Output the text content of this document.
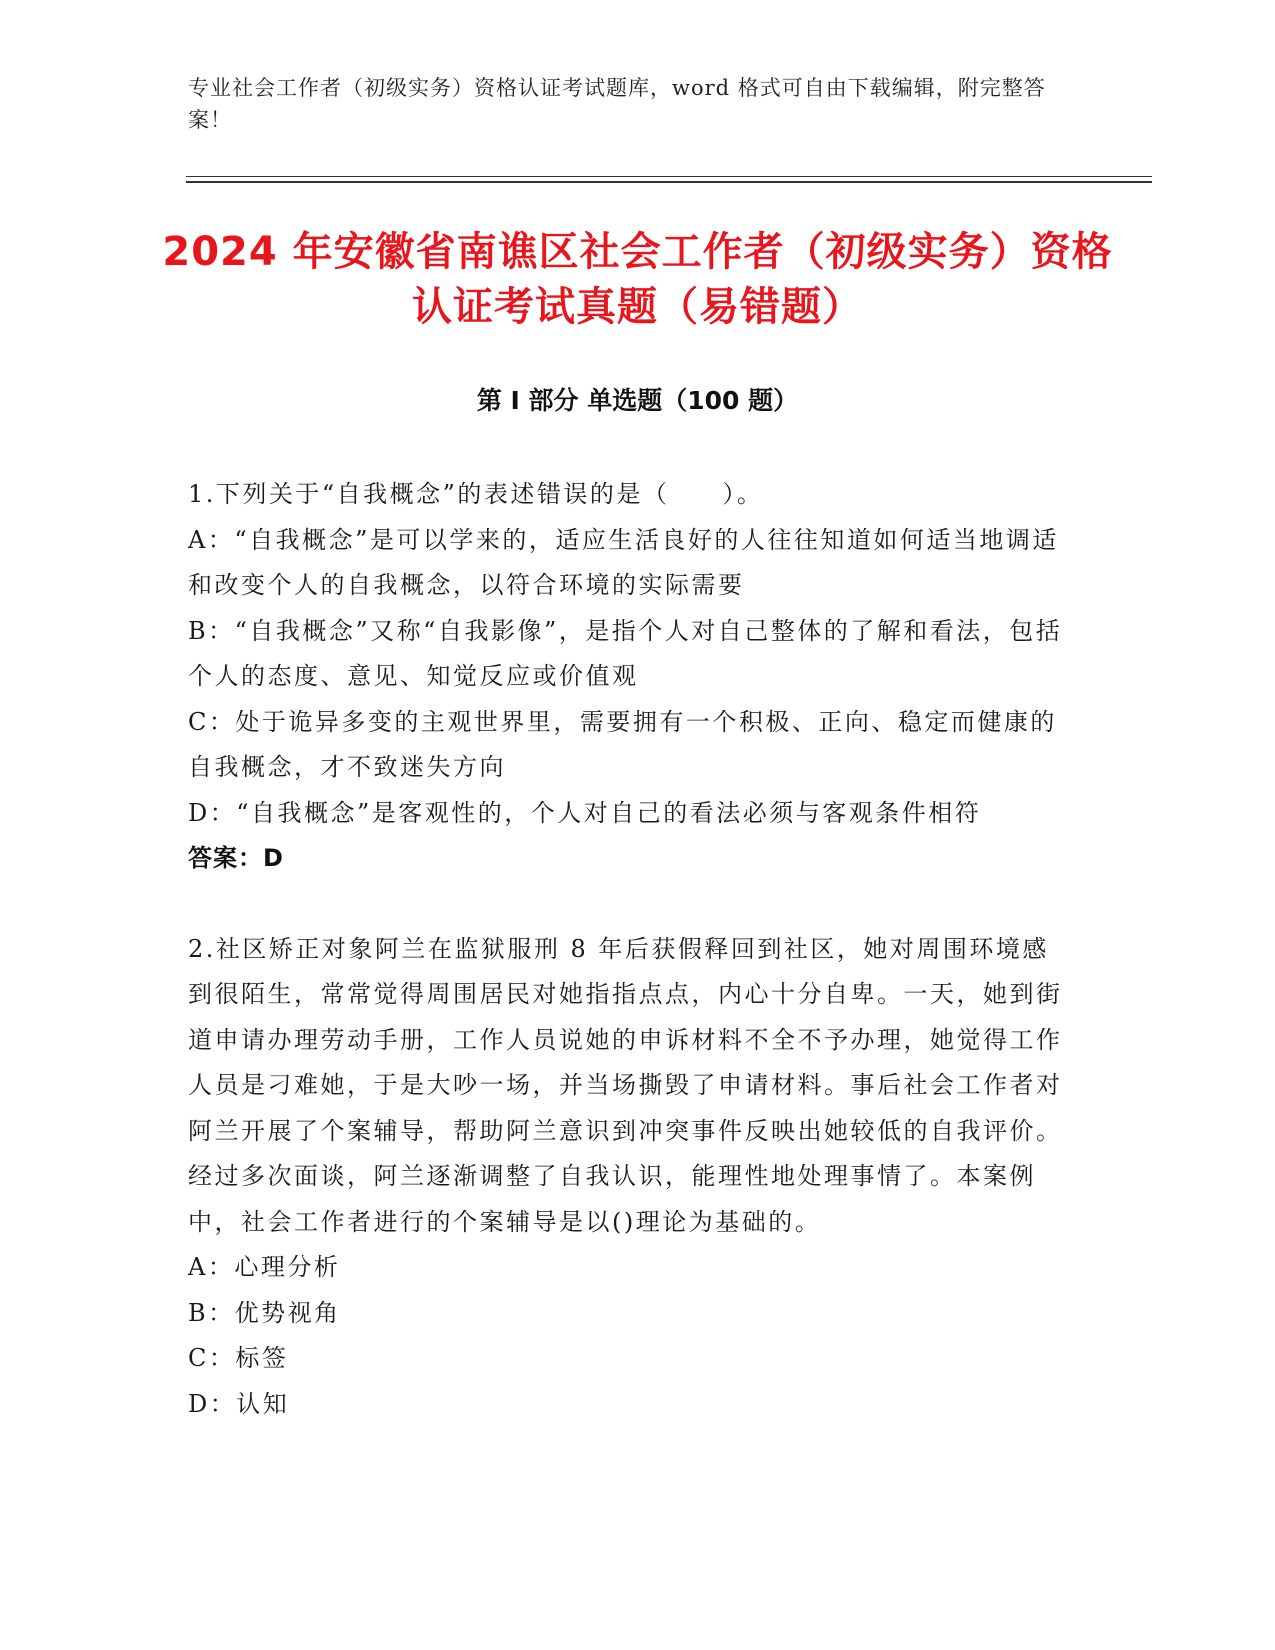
专业社会工作者（初级实务）资格认证考试题库，word 格式可自由下载编辑，附完整答案！
2024 年安徽省南谯区社会工作者（初级实务）资格认证考试真题（易错题）
第 I 部分 单选题（100 题）

1.下列关于“自我概念”的表述错误的是（　　）。

A：“自我概念”是可以学来的，适应生活良好的人往往知道如何适当地调适和改变个人的自我概念，以符合环境的实际需要

B：“自我概念”又称“自我影像”，是指个人对自己整体的了解和看法，包括个人的态度、意见、知觉反应或价值观

C：处于诡异多变的主观世界里，需要拥有一个积极、正向、稳定而健康的自我概念，才不致迷失方向

D：“自我概念”是客观性的，个人对自己的看法必须与客观条件相符

答案：D

2.社区矫正对象阿兰在监狱服刑 8 年后获假释回到社区，她对周围环境感到很陌生，常常觉得周围居民对她指指点点，内心十分自卑。一天，她到街道申请办理劳动手册，工作人员说她的申诉材料不全不予办理，她觉得工作人员是刁难她，于是大吵一场，并当场撕毁了申请材料。事后社会工作者对阿兰开展了个案辅导，帮助阿兰意识到冲突事件反映出她较低的自我评价。经过多次面谈，阿兰逐渐调整了自我认识，能理性地处理事情了。本案例中，社会工作者进行的个案辅导是以()理论为基础的。

A：心理分析

B：优势视角

C：标签

D：认知
